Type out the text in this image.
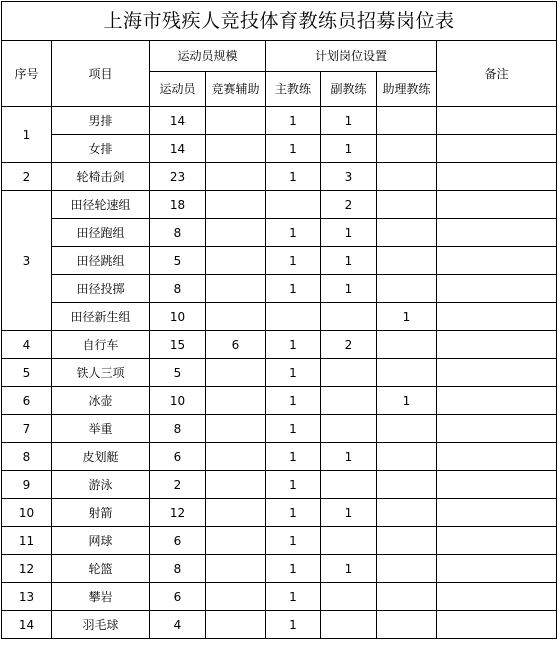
上海市残疾人竞技体育教练员招募岗位表							
序号	项目	运动员规模		计划岗位设置			备注
		运动员	竞赛辅助	主教练	副教练	助理教练	
1	男排	14		1	1		
	女排	14		1	1		
2	轮椅击剑	23		1	3		
3	田径轮速组	18			2		
	田径跑组	8		1	1		
	田径跳组	5		1	1		
	田径投掷	8		1	1		
	田径新生组	10				1	
4	自行车	15	6	1	2		
5	铁人三项	5		1			
6	冰壶	10		1		1	
7	举重	8		1			
8	皮划艇	6		1	1		
9	游泳	2		1			
10	射箭	12		1	1		
11	网球	6		1			
12	轮篮	8		1	1		
13	攀岩	6		1			
14	羽毛球	4		1			
